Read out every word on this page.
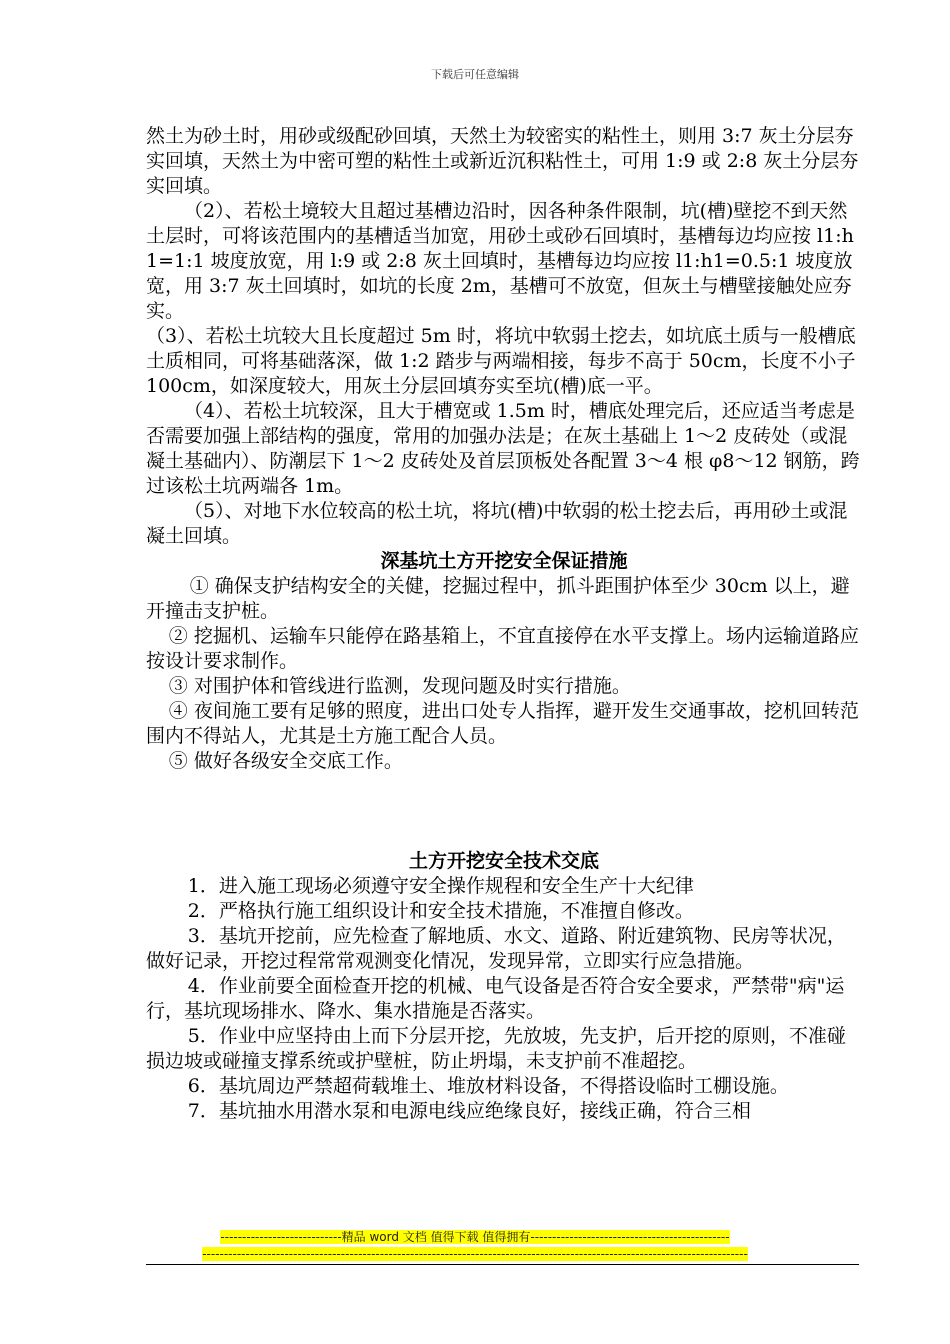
下载后可任意编辑

然土为砂土时，用砂或级配砂回填，天然土为较密实的粘性土，则用 3:7 灰土分层夯实回填，天然土为中密可塑的粘性土或新近沉积粘性土，可用 1:9 或 2:8 灰土分层夯实回填。

（2）、若松土境较大且超过基槽边沿时，因各种条件限制，坑(槽)壁挖不到天然土层时，可将该范围内的基槽适当加宽，用砂土或砂石回填时，基槽每边均应按 l1:h1=1:1 坡度放宽，用 l:9 或 2:8 灰土回填时，基槽每边均应按 l1:h1=0.5:1 坡度放宽，用 3:7 灰土回填时，如坑的长度 2m，基槽可不放宽，但灰土与槽壁接触处应夯实。

（3）、若松土坑较大且长度超过 5m 时，将坑中软弱土挖去，如坑底土质与一般槽底土质相同，可将基础落深，做 1:2 踏步与两端相接，每步不高于 50cm，长度不小子 100cm，如深度较大，用灰土分层回填夯实至坑(槽)底一平。

（4）、若松土坑较深，且大于槽宽或 1.5m 时，槽底处理完后，还应适当考虑是否需要加强上部结构的强度，常用的加强办法是；在灰土基础上 1～2 皮砖处（或混凝土基础内）、防潮层下 1～2 皮砖处及首层顶板处各配置 3～4 根 φ8～12 钢筋，跨过该松土坑两端各 1m。

（5）、对地下水位较高的松土坑，将坑(槽)中软弱的松土挖去后，再用砂土或混凝土回填。

深基坑土方开挖安全保证措施

① 确保支护结构安全的关健，挖掘过程中，抓斗距围护体至少 30cm 以上，避开撞击支护桩。

② 挖掘机、运输车只能停在路基箱上，不宜直接停在水平支撑上。场内运输道路应按设计要求制作。

③ 对围护体和管线进行监测，发现问题及时实行措施。

④ 夜间施工要有足够的照度，进出口处专人指挥，避开发生交通事故，挖机回转范围内不得站人，尤其是土方施工配合人员。

⑤ 做好各级安全交底工作。

土方开挖安全技术交底

1．进入施工现场必须遵守安全操作规程和安全生产十大纪律

2．严格执行施工组织设计和安全技术措施，不准擅自修改。

3．基坑开挖前，应先检查了解地质、水文、道路、附近建筑物、民房等状况，做好记录，开挖过程常常观测变化情况，发现异常，立即实行应急措施。

4．作业前要全面检查开挖的机械、电气设备是否符合安全要求，严禁带"病"运行，基坑现场排水、降水、集水措施是否落实。

5．作业中应坚持由上而下分层开挖，先放坡，先支护，后开挖的原则，不准碰损边坡或碰撞支撑系统或护壁桩，防止坍塌，未支护前不准超挖。

6．基坑周边严禁超荷载堆土、堆放材料设备，不得搭设临时工棚设施。

7．基坑抽水用潜水泵和电源电线应绝缘良好，接线正确，符合三相

----------------------------精品 word 文档 值得下载 值得拥有----------------------------------------------
------------------------------------------------------------------------------------------------------------------------------
